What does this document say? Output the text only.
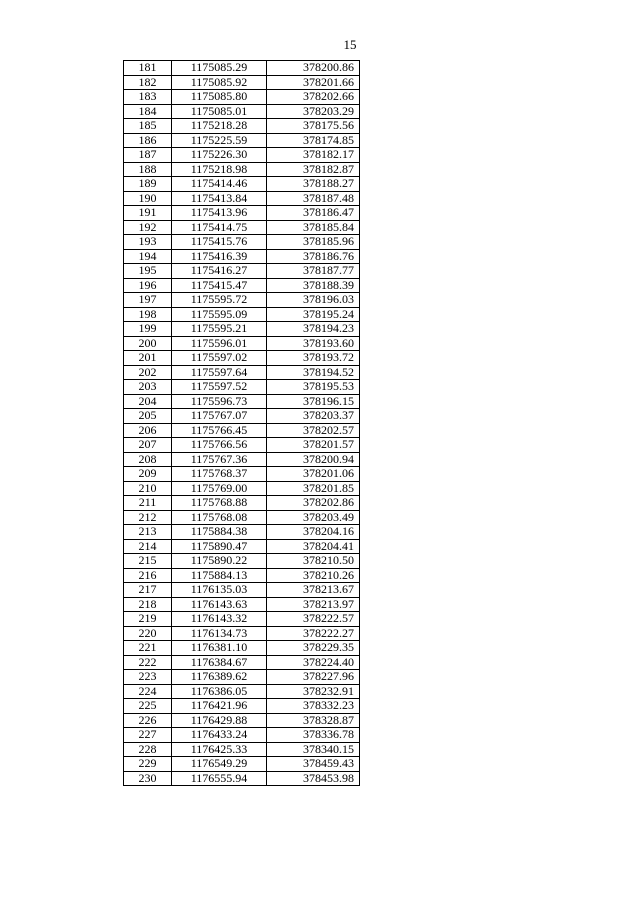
15
181	1175085.29	378200.86
182	1175085.92	378201.66
183	1175085.80	378202.66
184	1175085.01	378203.29
185	1175218.28	378175.56
186	1175225.59	378174.85
187	1175226.30	378182.17
188	1175218.98	378182.87
189	1175414.46	378188.27
190	1175413.84	378187.48
191	1175413.96	378186.47
192	1175414.75	378185.84
193	1175415.76	378185.96
194	1175416.39	378186.76
195	1175416.27	378187.77
196	1175415.47	378188.39
197	1175595.72	378196.03
198	1175595.09	378195.24
199	1175595.21	378194.23
200	1175596.01	378193.60
201	1175597.02	378193.72
202	1175597.64	378194.52
203	1175597.52	378195.53
204	1175596.73	378196.15
205	1175767.07	378203.37
206	1175766.45	378202.57
207	1175766.56	378201.57
208	1175767.36	378200.94
209	1175768.37	378201.06
210	1175769.00	378201.85
211	1175768.88	378202.86
212	1175768.08	378203.49
213	1175884.38	378204.16
214	1175890.47	378204.41
215	1175890.22	378210.50
216	1175884.13	378210.26
217	1176135.03	378213.67
218	1176143.63	378213.97
219	1176143.32	378222.57
220	1176134.73	378222.27
221	1176381.10	378229.35
222	1176384.67	378224.40
223	1176389.62	378227.96
224	1176386.05	378232.91
225	1176421.96	378332.23
226	1176429.88	378328.87
227	1176433.24	378336.78
228	1176425.33	378340.15
229	1176549.29	378459.43
230	1176555.94	378453.98
